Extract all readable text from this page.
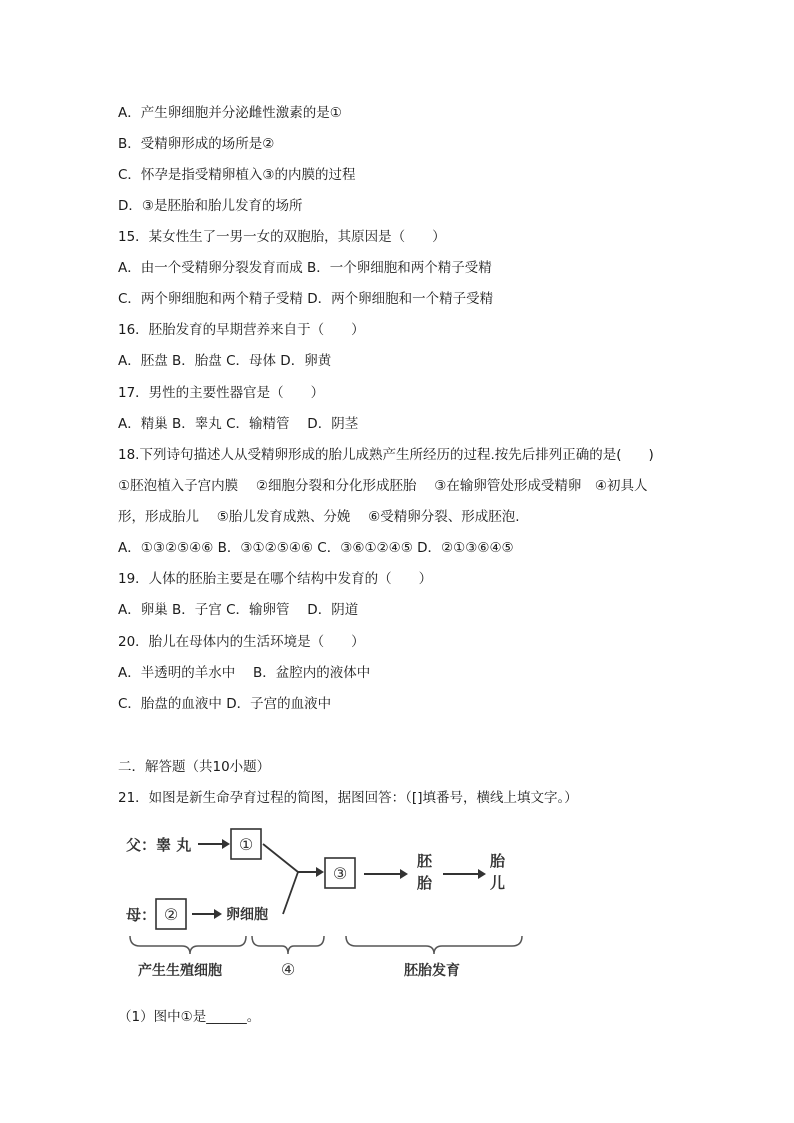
A．产生卵细胞并分泌雌性激素的是①
B．受精卵形成的场所是②
C．怀孕是指受精卵植入③的内膜的过程
D．③是胚胎和胎儿发育的场所
15．某女性生了一男一女的双胞胎，其原因是（　　）
A．由一个受精卵分裂发育而成 B．一个卵细胞和两个精子受精
C．两个卵细胞和两个精子受精 D．两个卵细胞和一个精子受精
16．胚胎发育的早期营养来自于（　　）
A．胚盘 B．胎盘 C．母体 D．卵黄
17．男性的主要性器官是（　　）
A．精巢 B．睾丸 C．输精管　 D．阴茎
18.下列诗句描述人从受精卵形成的胎儿成熟产生所经历的过程.按先后排列正确的是(　　)
①胚泡植入子宫内膜　 ②细胞分裂和分化形成胚胎　 ③在输卵管处形成受精卵　④初具人
形，形成胎儿　 ⑤胎儿发育成熟、分娩　 ⑥受精卵分裂、形成胚泡.
A．①③②⑤④⑥ B．③①②⑤④⑥ C．③⑥①②④⑤ D．②①③⑥④⑤
19．人体的胚胎主要是在哪个结构中发育的（　　）
A．卵巢 B．子宫 C．输卵管　 D．阴道
20．胎儿在母体内的生活环境是（　　）
A．半透明的羊水中　 B．盆腔内的液体中
C．胎盘的血液中 D．子宫的血液中
二．解答题（共10小题）
21．如图是新生命孕育过程的简图，据图回答：（[]填番号，横线上填文字。）
父：睾 丸	①
母： ②	卵细胞
③
胚
胎
胎
儿
产生生殖细胞	④	胚胎发育
（1）图中①是______。
